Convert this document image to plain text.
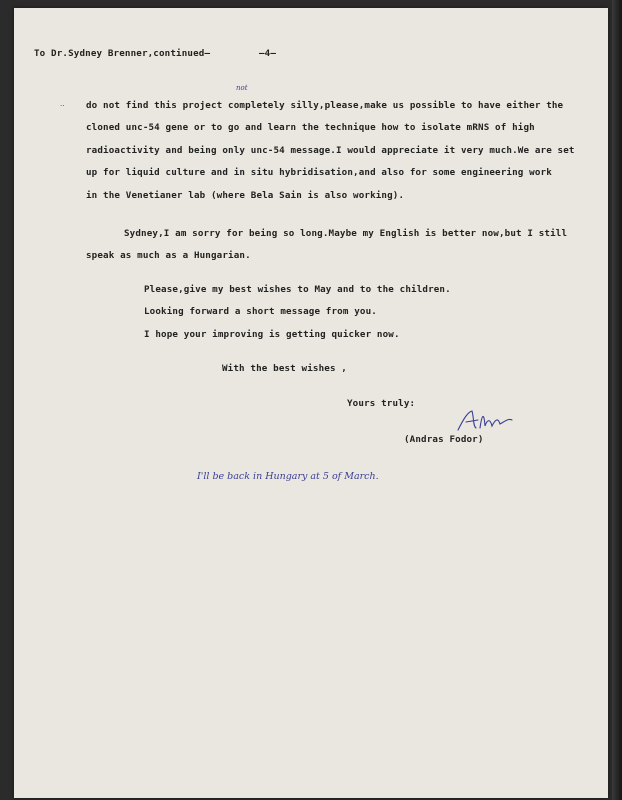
To Dr.Sydney Brenner,continued—	—4—
not
.. do not find this project completely silly,please,make us possible to have either the
cloned unc-54 gene or to go and learn the technique how to isolate mRNS of high
radioactivity and being only unc-54 message.I would appreciate it very much.We are set
up for liquid culture and in situ hybridisation,and also for some engineering work
in the Venetianer lab (where Bela Sain is also working).
Sydney,I am sorry for being so long.Maybe my English is better now,but I still
speak as much as a Hungarian.
Please,give my best wishes to May and to the children.
Looking forward a short message from you.
I hope your improving is getting quicker now.
With the best wishes ,
Yours truly:
(Andras Fodor)
I'll be back in Hungary at 5 of March.
